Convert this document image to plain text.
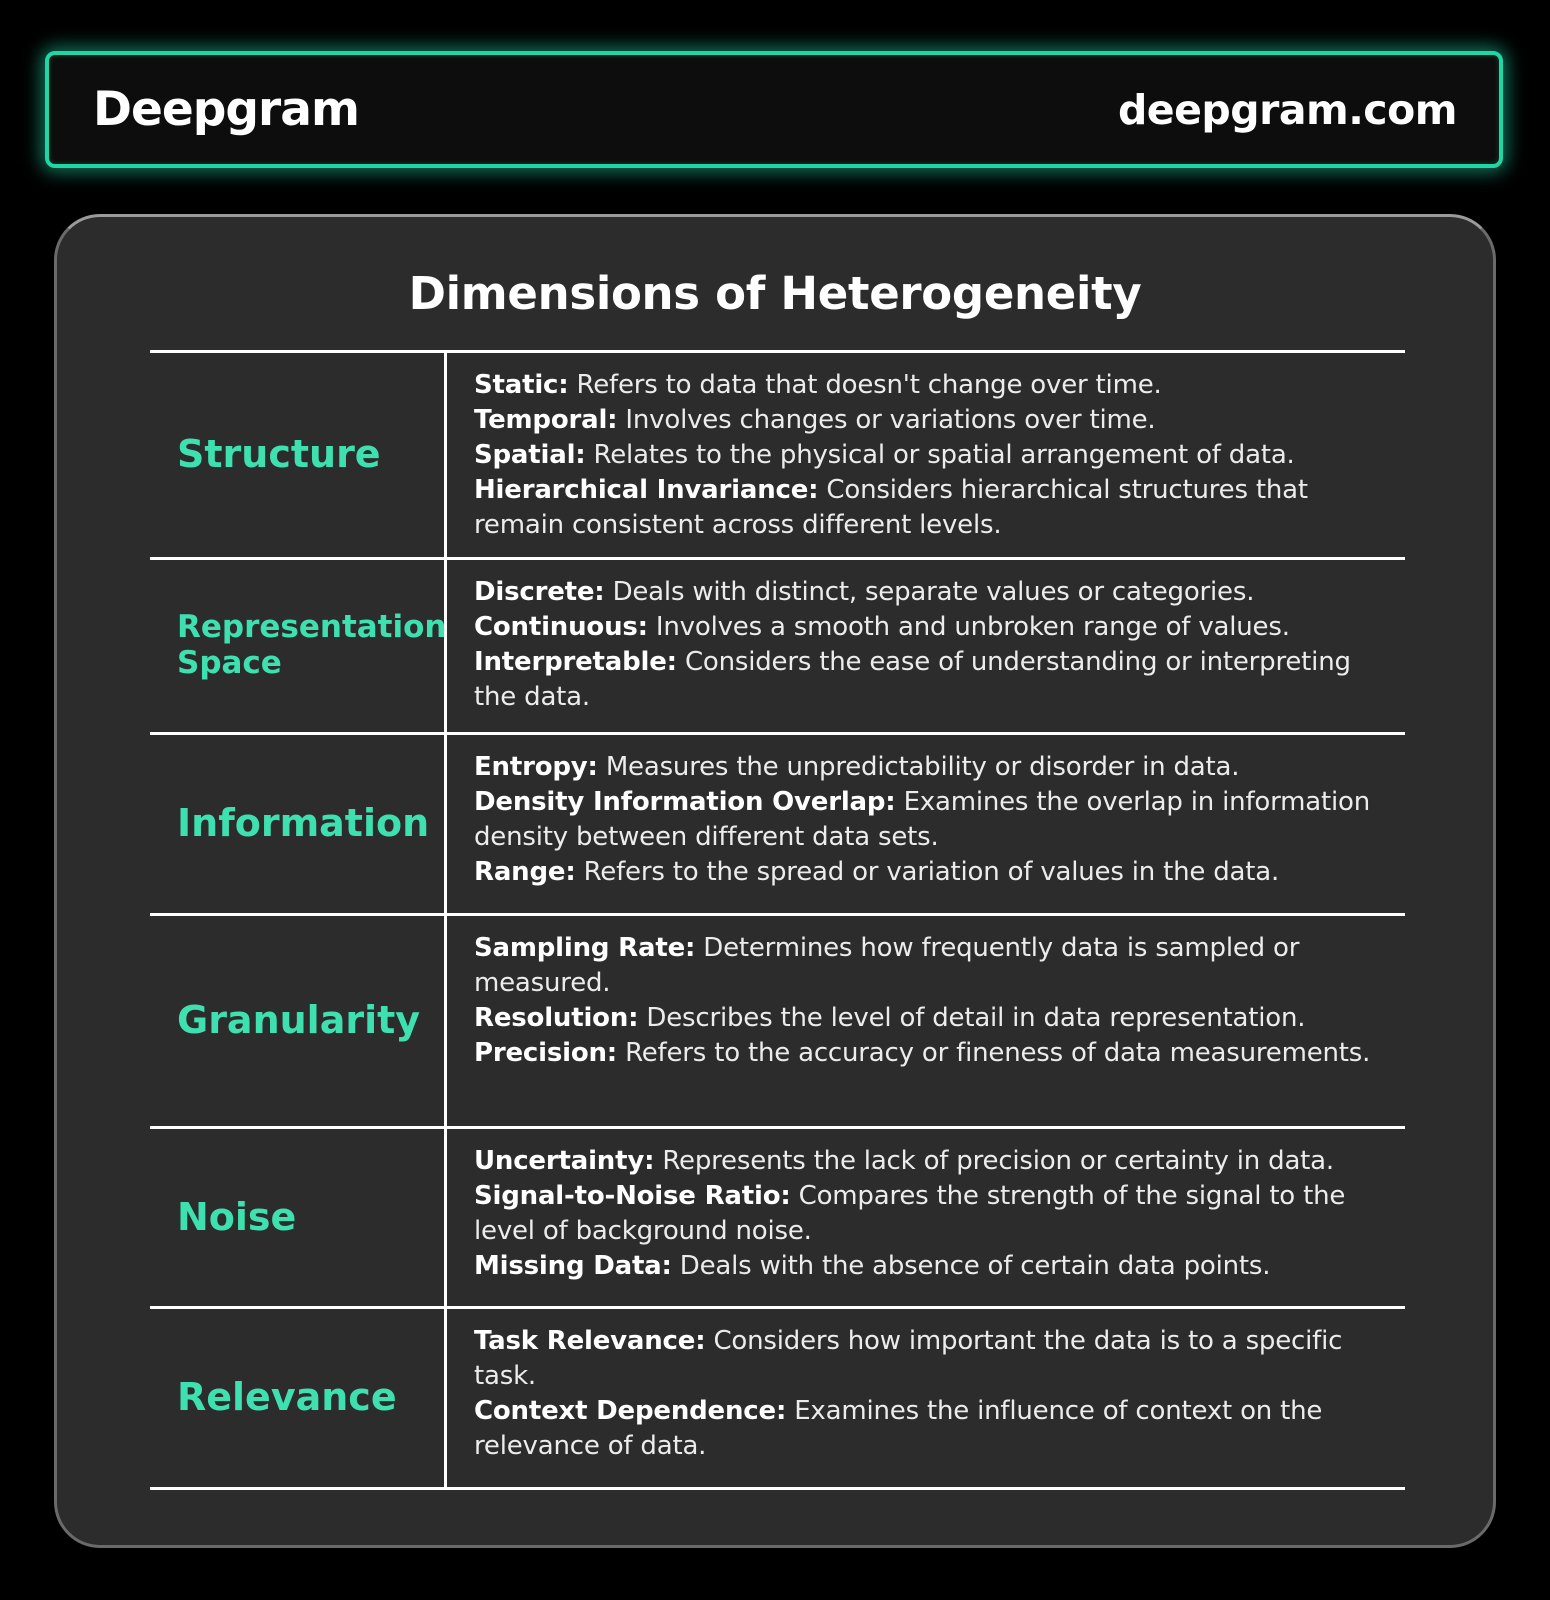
Deepgram	deepgram.com
Dimensions of Heterogeneity
Structure
Static: Refers to data that doesn't change over time.
Temporal: Involves changes or variations over time.
Spatial: Relates to the physical or spatial arrangement of data.
Hierarchical Invariance: Considers hierarchical structures that remain consistent across different levels.
Representation Space
Discrete: Deals with distinct, separate values or categories.
Continuous: Involves a smooth and unbroken range of values.
Interpretable: Considers the ease of understanding or interpreting the data.
Information
Entropy: Measures the unpredictability or disorder in data.
Density Information Overlap: Examines the overlap in information density between different data sets.
Range: Refers to the spread or variation of values in the data.
Granularity
Sampling Rate: Determines how frequently data is sampled or measured.
Resolution: Describes the level of detail in data representation.
Precision: Refers to the accuracy or fineness of data measurements.
Noise
Uncertainty: Represents the lack of precision or certainty in data.
Signal-to-Noise Ratio: Compares the strength of the signal to the level of background noise.
Missing Data: Deals with the absence of certain data points.
Relevance
Task Relevance: Considers how important the data is to a specific task.
Context Dependence: Examines the influence of context on the relevance of data.
